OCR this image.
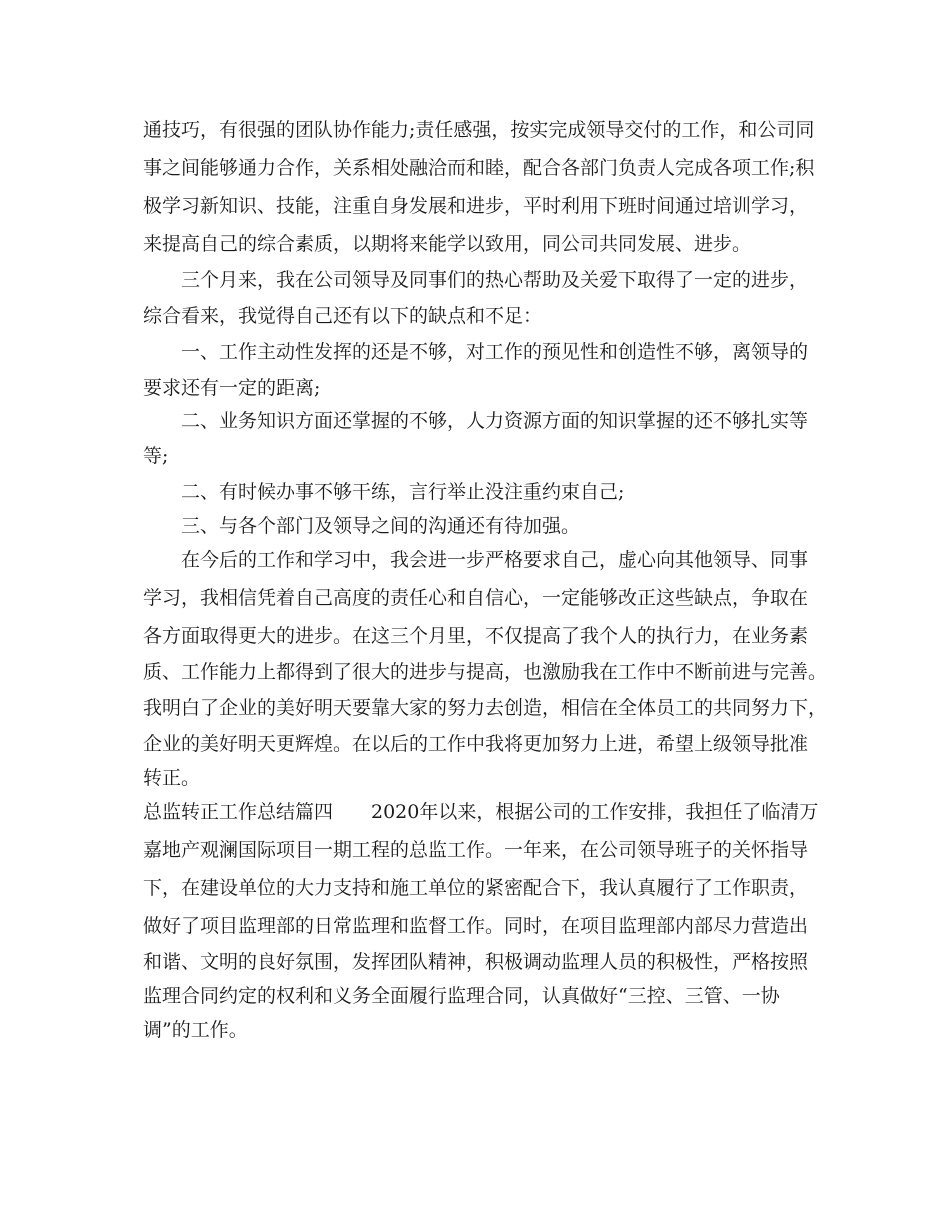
通技巧，有很强的团队协作能力;责任感强，按实完成领导交付的工作，和公司同
事之间能够通力合作，关系相处融洽而和睦，配合各部门负责人完成各项工作;积
极学习新知识、技能，注重自身发展和进步，平时利用下班时间通过培训学习，
来提高自己的综合素质，以期将来能学以致用，同公司共同发展、进步。
　　三个月来，我在公司领导及同事们的热心帮助及关爱下取得了一定的进步，
综合看来，我觉得自己还有以下的缺点和不足：
　　一、工作主动性发挥的还是不够，对工作的预见性和创造性不够，离领导的
要求还有一定的距离;
　　二、业务知识方面还掌握的不够，人力资源方面的知识掌握的还不够扎实等
等;
　　二、有时候办事不够干练，言行举止没注重约束自己;
　　三、与各个部门及领导之间的沟通还有待加强。
　　在今后的工作和学习中，我会进一步严格要求自己，虚心向其他领导、同事
学习，我相信凭着自己高度的责任心和自信心，一定能够改正这些缺点，争取在
各方面取得更大的进步。在这三个月里，不仅提高了我个人的执行力，在业务素
质、工作能力上都得到了很大的进步与提高，也激励我在工作中不断前进与完善。
我明白了企业的美好明天要靠大家的努力去创造，相信在全体员工的共同努力下，
企业的美好明天更辉煌。在以后的工作中我将更加努力上进，希望上级领导批准
转正。
总监转正工作总结篇四　　2020年以来，根据公司的工作安排，我担任了临清万
嘉地产观澜国际项目一期工程的总监工作。一年来，在公司领导班子的关怀指导
下，在建设单位的大力支持和施工单位的紧密配合下，我认真履行了工作职责，
做好了项目监理部的日常监理和监督工作。同时，在项目监理部内部尽力营造出
和谐、文明的良好氛围，发挥团队精神，积极调动监理人员的积极性，严格按照
监理合同约定的权利和义务全面履行监理合同，认真做好“三控、三管、一协
调”的工作。
